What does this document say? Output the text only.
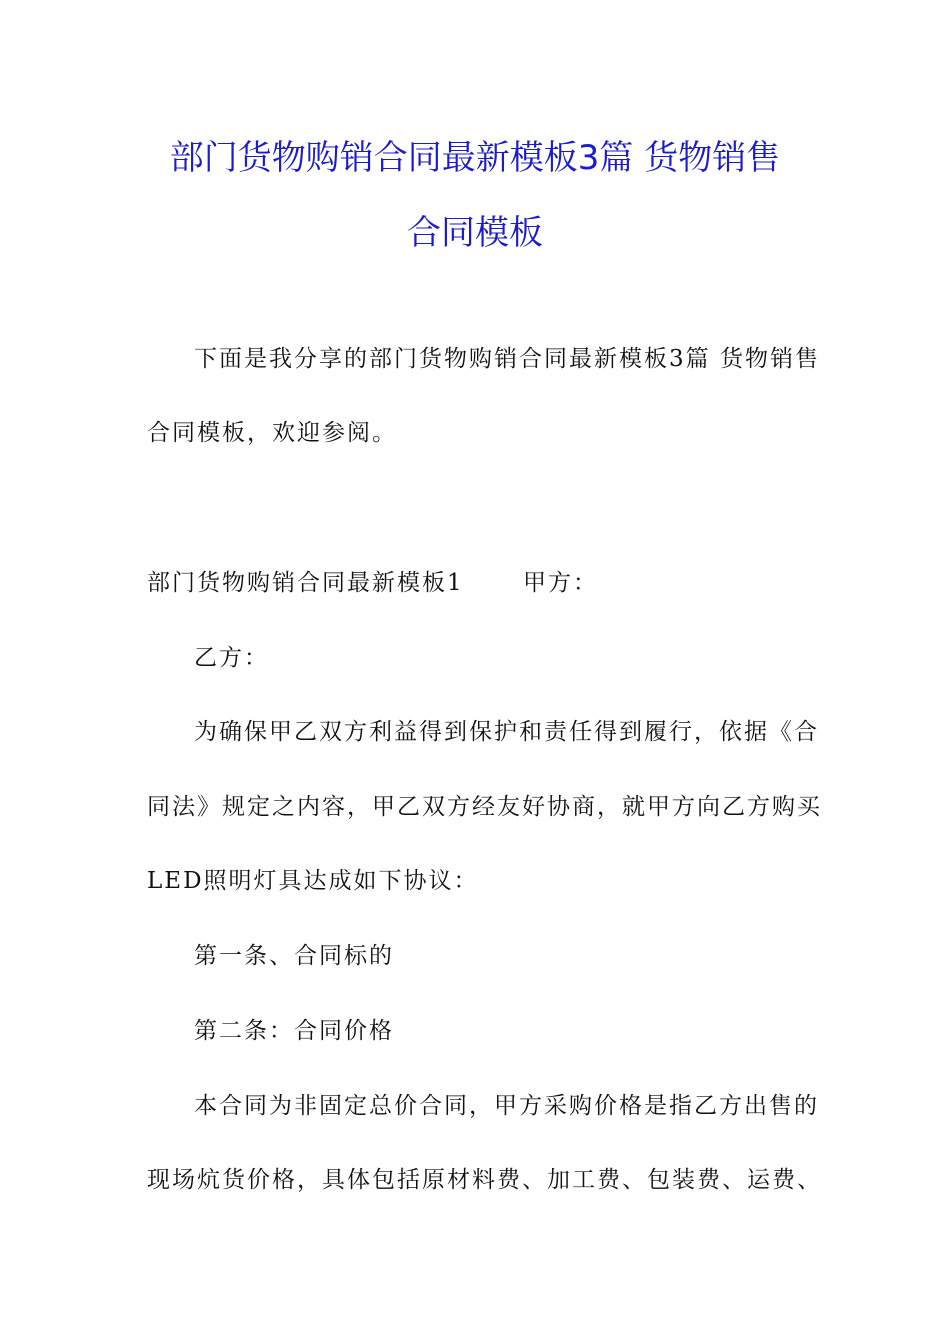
部门货物购销合同最新模板3篇 货物销售
合同模板
下面是我分享的部门货物购销合同最新模板3篇 货物销售
合同模板，欢迎参阅。
部门货物购销合同最新模板1　　 甲方：
乙方：
为确保甲乙双方利益得到保护和责任得到履行，依据《合
同法》规定之内容，甲乙双方经友好协商，就甲方向乙方购买
LED照明灯具达成如下协议：
第一条、合同标的
第二条：合同价格
本合同为非固定总价合同，甲方采购价格是指乙方出售的
现场炕货价格，具体包括原材料费、加工费、包装费、运费、
